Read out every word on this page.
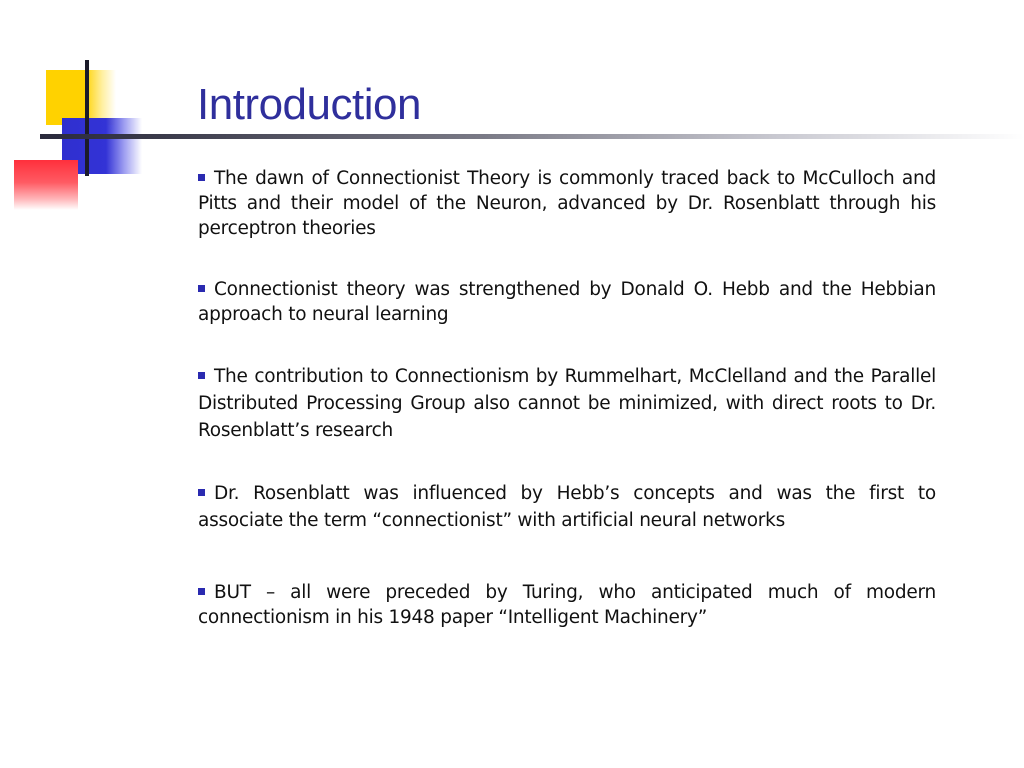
Introduction
The dawn of Connectionist Theory is commonly traced back to McCulloch and Pitts and their model of the Neuron, advanced by Dr. Rosenblatt through his perceptron theories
Connectionist theory was strengthened by Donald O. Hebb and the Hebbian approach to neural learning
The contribution to Connectionism by Rummelhart, McClelland and the Parallel Distributed Processing Group also cannot be minimized, with direct roots to Dr. Rosenblatt’s research
Dr. Rosenblatt was influenced by Hebb’s concepts and was the first to associate the term “connectionist” with artificial neural networks
BUT – all were preceded by Turing, who anticipated much of modern connectionism in his 1948 paper “Intelligent Machinery”
